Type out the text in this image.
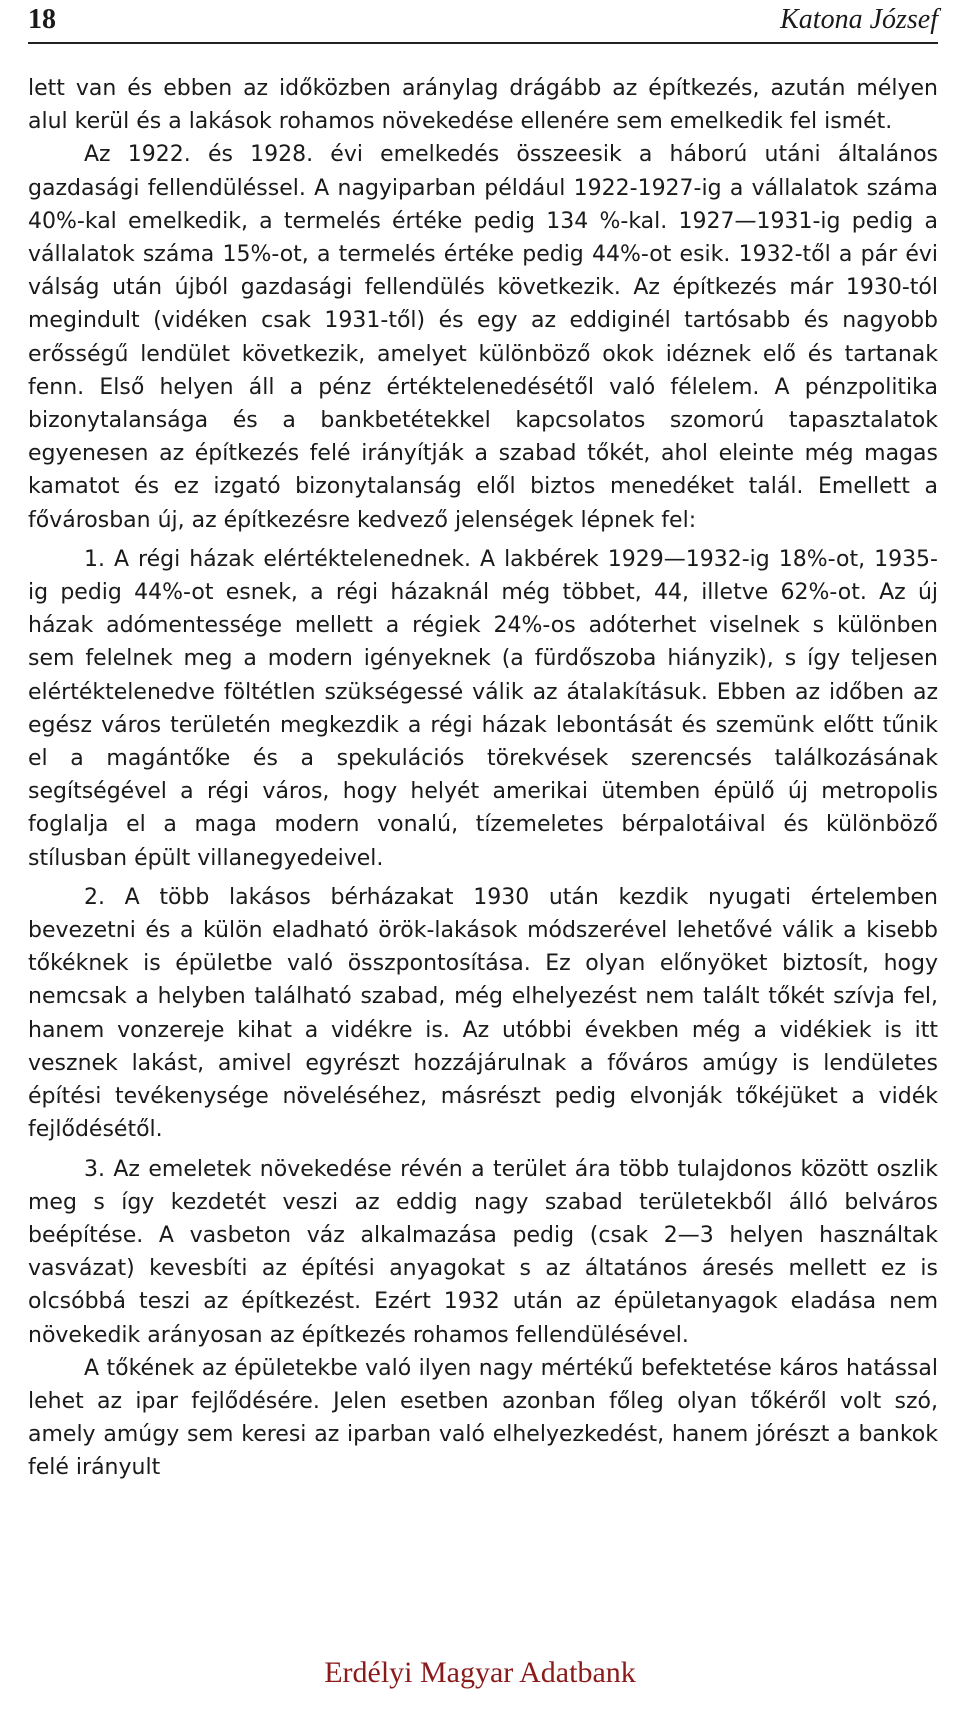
18	Katona József

lett van és ebben az időközben aránylag drágább az építkezés, azután mélyen alul kerül és a lakások rohamos növekedése ellenére sem emelkedik fel ismét.

Az 1922. és 1928. évi emelkedés összeesik a háború utáni általános gazdasági fellendüléssel. A nagyiparban például 1922-1927-ig a vállalatok száma 40%-kal emelkedik, a termelés értéke pedig 134 %-kal. 1927—1931-ig pedig a vállalatok száma 15%-ot, a termelés értéke pedig 44%-ot esik. 1932-től a pár évi válság után újból gazdasági fellendülés következik. Az építkezés már 1930-tól megindult (vidéken csak 1931-től) és egy az eddiginél tartósabb és nagyobb erősségű lendület következik, amelyet különböző okok idéznek elő és tartanak fenn. Első helyen áll a pénz értéktelenedésétől való félelem. A pénzpolitika bizonytalansága és a bankbetétekkel kapcsolatos szomorú tapasztalatok egyenesen az építkezés felé irányítják a szabad tőkét, ahol eleinte még magas kamatot és ez izgató bizonytalanság elől biztos menedéket talál. Emellett a fővárosban új, az építkezésre kedvező jelenségek lépnek fel:

1. A régi házak elértéktelenednek. A lakbérek 1929—1932-ig 18%-ot, 1935-ig pedig 44%-ot esnek, a régi házaknál még többet, 44, illetve 62%-ot. Az új házak adómentessége mellett a régiek 24%-os adóterhet viselnek s különben sem felelnek meg a modern igényeknek (a fürdőszoba hiányzik), s így teljesen elértéktelenedve föltétlen szükségessé válik az átalakításuk. Ebben az időben az egész város területén megkezdik a régi házak lebontását és szemünk előtt tűnik el a magántőke és a spekulációs törekvések szerencsés találkozásának segítségével a régi város, hogy helyét amerikai ütemben épülő új metropolis foglalja el a maga modern vonalú, tízemeletes bérpalotáival és különböző stílusban épült villanegyedeivel.

2. A több lakásos bérházakat 1930 után kezdik nyugati értelemben bevezetni és a külön eladható örök-lakások módszerével lehetővé válik a kisebb tőkéknek is épületbe való összpontosítása. Ez olyan előnyöket biztosít, hogy nemcsak a helyben található szabad, még elhelyezést nem talált tőkét szívja fel, hanem vonzereje kihat a vidékre is. Az utóbbi években még a vidékiek is itt vesznek lakást, amivel egyrészt hozzájárulnak a főváros amúgy is lendületes építési tevékenysége növeléséhez, másrészt pedig elvonják tőkéjüket a vidék fejlődésétől.

3. Az emeletek növekedése révén a terület ára több tulajdonos között oszlik meg s így kezdetét veszi az eddig nagy szabad területekből álló belváros beépítése. A vasbeton váz alkalmazása pedig (csak 2—3 helyen használtak vasvázat) kevesbíti az építési anyagokat s az áltatános áresés mellett ez is olcsóbbá teszi az építkezést. Ezért 1932 után az épületanyagok eladása nem növekedik arányosan az építkezés rohamos fellendülésével.

A tőkének az épületekbe való ilyen nagy mértékű befektetése káros hatással lehet az ipar fejlődésére. Jelen esetben azonban főleg olyan tőkéről volt szó, amely amúgy sem keresi az iparban való elhelyezkedést, hanem jórészt a bankok felé irányult

Erdélyi Magyar Adatbank
